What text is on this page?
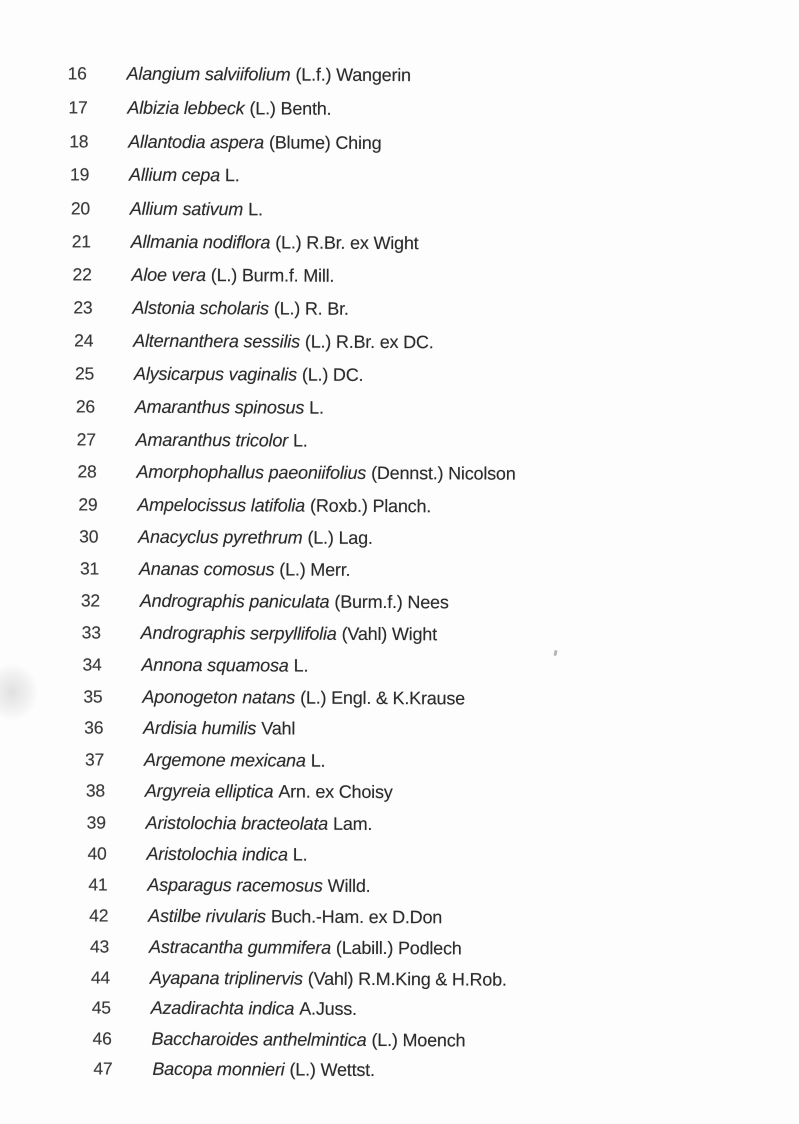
16	Alangium salviifolium (L.f.) Wangerin
17	Albizia lebbeck (L.) Benth.
18	Allantodia aspera (Blume) Ching
19	Allium cepa L.
20	Allium sativum L.
21	Allmania nodiflora (L.) R.Br. ex Wight
22	Aloe vera (L.) Burm.f. Mill.
23	Alstonia scholaris (L.) R. Br.
24	Alternanthera sessilis (L.) R.Br. ex DC.
25	Alysicarpus vaginalis (L.) DC.
26	Amaranthus spinosus L.
27	Amaranthus tricolor L.
28	Amorphophallus paeoniifolius (Dennst.) Nicolson
29	Ampelocissus latifolia (Roxb.) Planch.
30	Anacyclus pyrethrum (L.) Lag.
31	Ananas comosus (L.) Merr.
32	Andrographis paniculata (Burm.f.) Nees
33	Andrographis serpyllifolia (Vahl) Wight
34	Annona squamosa L.
35	Aponogeton natans (L.) Engl. & K.Krause
36	Ardisia humilis Vahl
37	Argemone mexicana L.
38	Argyreia elliptica Arn. ex Choisy
39	Aristolochia bracteolata Lam.
40	Aristolochia indica L.
41	Asparagus racemosus Willd.
42	Astilbe rivularis Buch.-Ham. ex D.Don
43	Astracantha gummifera (Labill.) Podlech
44	Ayapana triplinervis (Vahl) R.M.King & H.Rob.
45	Azadirachta indica A.Juss.
46	Baccharoides anthelmintica (L.) Moench
47	Bacopa monnieri (L.) Wettst.
